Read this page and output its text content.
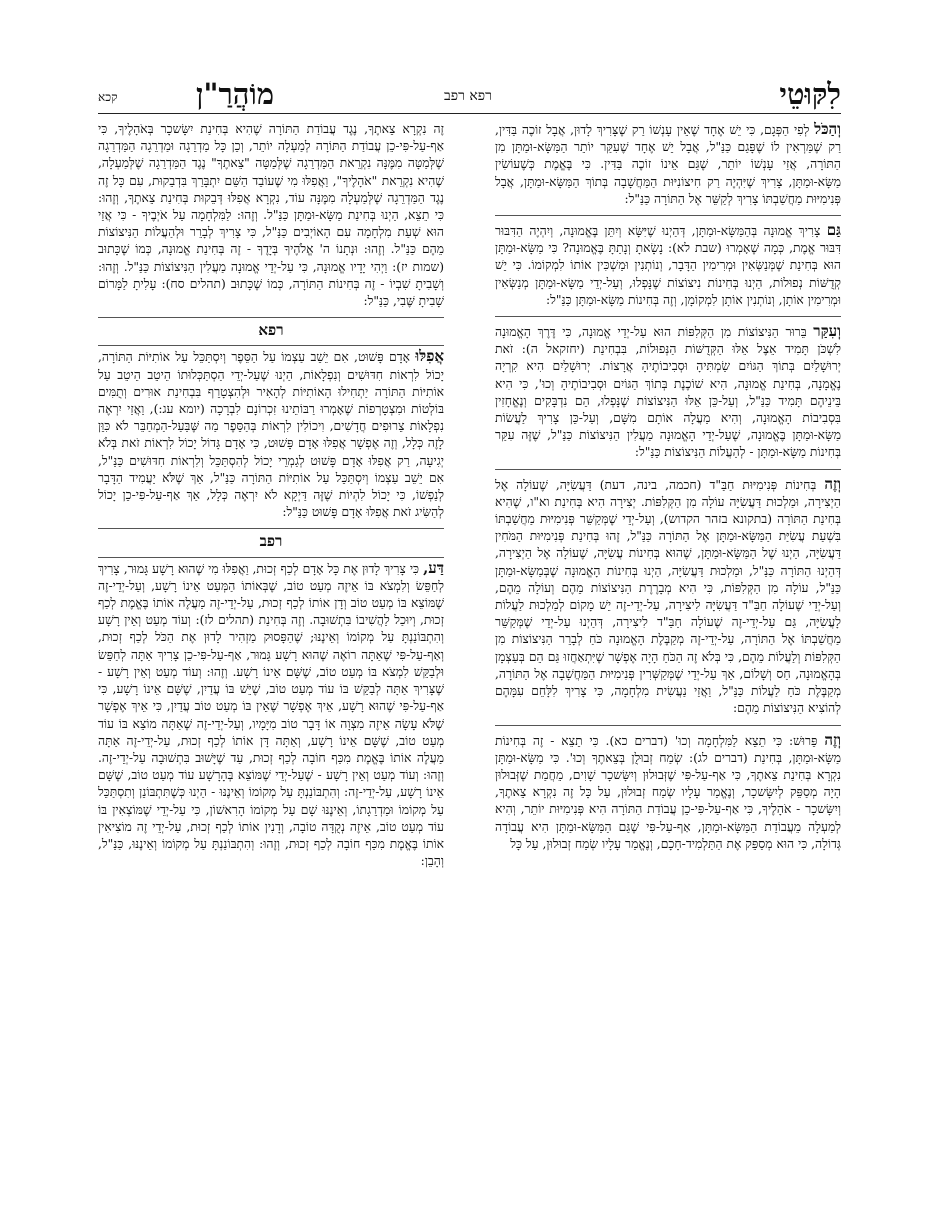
קכא	מוֹהֲרַ"ן	רפא רפב	לִקּוּטֵי

וְהַכֹּל לְפִי הַפְּגָם, כִּי יֵשׁ אֶחָד שֶׁאֵין עָנְשׁוֹ רַק שֶׁצָּרִיךְ לָדוּן, אֲבָל זוֹכֶה בַּדִּין, רַק שֶׁמַּרְאִין לוֹ שֶׁפָּגַם כַּנַּ"ל, אֲבָל יֵשׁ אֶחָד שֶׁעִקַּר יוֹתֵר הַמַּשָּׂא-וּמַתָּן מִן הַתּוֹרָה, אֲזַי עָנְשׁוֹ יוֹתֵר, שֶׁגַּם אֵינוֹ זוֹכֶה בַּדִּין. כִּי בֶּאֱמֶת כְּשֶׁעוֹשִׂין מַשָּׂא-וּמַתָּן, צָרִיךְ שֶׁיִּהְיֶה רַק חִיצוֹנִיּוּת הַמַּחֲשָׁבָה בְּתוֹךְ הַמַּשָּׂא-וּמַתָּן, אֲבָל פְּנִימִיּוּת מַחֲשַׁבְתּוֹ צָרִיךְ לְקַשֵּׁר אֶל הַתּוֹרָה כַּנַּ"ל:

גַּם צָרִיךְ אֱמוּנָה בְּהַמַּשָּׂא-וּמַתָּן, דְּהַיְנוּ שֶׁיִּשָּׂא וְיִתֵּן בֶּאֱמוּנָה, וְיִהְיֶה הַדִּבּוּר דִּבּוּר אֱמֶת, כְּמָה שֶׁאָמְרוּ (שבת לא): נָשָׂאתָ וְנָתַתָּ בֶּאֱמוּנָה? כִּי מַשָּׂא-וּמַתָּן הוּא בְּחִינַת שֶׁמְּנַשְּׂאִין וּמְרִימִין הַדָּבָר, וְנוֹתְנִין וּמַשְׁכִּין אוֹתוֹ לִמְקוֹמוֹ. כִּי יֵשׁ קְדֻשּׁוֹת נְפוּלוֹת, הַיְנוּ בְּחִינוֹת נִיצוֹצוֹת שֶׁנָּפְלוּ, וְעַל-יְדֵי מַשָּׂא-וּמַתָּן מְנַשְּׂאִין וּמְרִימִין אוֹתָן, וְנוֹתְנִין אוֹתָן לִמְקוֹמָן, וְזֶה בְּחִינוֹת מַשָּׂא-וּמַתָּן כַּנַּ"ל:

וְעִקַּר בֵּרוּר הַנִּיצוֹצוֹת מִן הַקְּלִפּוֹת הוּא עַל-יְדֵי אֱמוּנָה, כִּי דֶּרֶךְ הָאֱמוּנָה לִשְׁכֹּן תָּמִיד אֵצֶל אֵלּוּ הַקְּדֻשּׁוֹת הַנְּפוּלוֹת, בִּבְחִינַת (יחזקאל ה): זֹאת יְרוּשָׁלַיִם בְּתוֹךְ הַגּוֹיִם שַׂמְתִּיהָ וּסְבִיבוֹתֶיהָ אֲרָצוֹת. יְרוּשָׁלַיִם הִיא קִרְיָה נֶאֱמָנָה, בְּחִינַת אֱמוּנָה, הִיא שׁוֹכֶנֶת בְּתוֹךְ הַגּוֹיִם וּסְבִיבוֹתֶיהָ וְכוּ', כִּי הִיא בֵּינֵיהֶם תָּמִיד כַּנַּ"ל, וְעַל-כֵּן אֵלּוּ הַנִּיצוֹצוֹת שֶׁנָּפְלוּ, הֵם נִדְבָּקִים וְנֶאֱחָזִין בִּסְבִיבוֹת הָאֱמוּנָה, וְהִיא מַעֲלָה אוֹתָם מִשָּׁם, וְעַל-כֵּן צָרִיךְ לַעֲשׂוֹת מַשָּׂא-וּמַתָּן בֶּאֱמוּנָה, שֶׁעַל-יְדֵי הָאֱמוּנָה מַעֲלִין הַנִּיצוֹצוֹת כַּנַּ"ל, שֶׁזֶּה עִקַּר בְּחִינוֹת מַשָּׂא-וּמַתָּן - לְהַעֲלוֹת הַנִּיצוֹצוֹת כַּנַּ"ל:

וְזֶה בְּחִינוֹת פְּנִימִיּוּת חַבַּ"ד (חכמה, בינה, דעת) דַּעֲשִׂיָּה, שֶׁעוֹלָה אֶל הַיְצִירָה, וּמַלְכוּת דַּעֲשִׂיָּה עוֹלָה מִן הַקְּלִפּוֹת. יְצִירָה הִיא בְּחִינַת וא"ו, שֶׁהִיא בְּחִינַת הַתּוֹרָה (בתקונא בזהר הקדוש), וְעַל-יְדֵי שֶׁמְּקַשֵּׁר פְּנִימִיּוּת מַחֲשַׁבְתּוֹ בִּשְׁעַת עֲשִׂיַּת הַמַּשָּׂא-וּמַתָּן אֶל הַתּוֹרָה כַּנַּ"ל, זֶהוּ בְּחִינַת פְּנִימִיּוּת הַמֹּחִין דַּעֲשִׂיָּה, הַיְנוּ שֶׁל הַמַּשָּׂא-וּמַתָּן, שֶׁהוּא בְּחִינוֹת עֲשִׂיָּה, שֶׁעוֹלָה אֶל הַיְצִירָה, דְּהַיְנוּ הַתּוֹרָה כַּנַּ"ל, וּמַלְכוּת דַּעֲשִׂיָּה, הַיְנוּ בְּחִינוֹת הָאֱמוּנָה שֶׁבְּמַשָּׂא-וּמַתָּן כַּנַּ"ל, עוֹלָה מִן הַקְּלִפּוֹת, כִּי הִיא מְבָרֶרֶת הַנִּיצוֹצוֹת מֵהֶם וְעוֹלָה מֵהֶם, וְעַל-יְדֵי שֶׁעוֹלָה חַבַּ"ד דַּעֲשִׂיָּה לִיצִירָה, עַל-יְדֵי-זֶה יֵשׁ מָקוֹם לְמַלְכוּת לַעֲלוֹת לָעֲשִׂיָּה, גַּם עַל-יְדֵי-זֶה שֶׁעוֹלָה חַבַּ"ד לִיצִירָה, דְּהַיְנוּ עַל-יְדֵי שֶׁמְּקַשֵּׁר מַחֲשַׁבְתּוֹ אֶל הַתּוֹרָה, עַל-יְדֵי-זֶה מְקַבֶּלֶת הָאֱמוּנָה כֹּחַ לְבָרֵר הַנִּיצוֹצוֹת מִן הַקְּלִפּוֹת וְלַעֲלוֹת מֵהֶם, כִּי בְּלֹא זֶה הַכֹּחַ הָיָה אֶפְשָׁר שֶׁיִּתְאַחֲזוּ גַּם הֵם בְּעַצְמָן בְּהָאֱמוּנָה, חַס וְשָׁלוֹם, אַךְ עַל-יְדֵי שֶׁמְּקַשְּׁרִין פְּנִימִיּוּת הַמַּחֲשָׁבָה אֶל הַתּוֹרָה, מְקַבֶּלֶת כֹּחַ לַעֲלוֹת כַּנַּ"ל, וַאֲזַי נַעֲשִׂית מִלְחָמָה, כִּי צָרִיךְ לִלָּחֵם עִמָּהֶם לְהוֹצִיא הַנִּיצוֹצוֹת מֵהֶם:

וְזֶה פֵּרוּשׁ: כִּי תֵצֵא לַמִּלְחָמָה וְכוּ' (דברים כא). כִּי תֵצֵא - זֶה בְּחִינוֹת מַשָּׂא-וּמַתָּן, בְּחִינַת (דברים לג): שְׂמַח זְבוּלֻן בְּצֵאתֶךָ וְכוּ'. כִּי מַשָּׂא-וּמַתָּן נִקְרָא בְּחִינַת צֵאתֶךָ, כִּי אַף-עַל-פִּי שֶׁזְּבוּלוּן וְיִשָּׂשכָר שָׁוִים, מֵחֲמַת שֶׁזְּבוּלוּן הָיָה מְסַפֵּק לְיִשָּׂשכָר, וְנֶאֱמַר עָלָיו שְׂמַח זְבוּלוּן, עַל כָּל זֶה נִקְרָא צֵאתֶךָ, וְיִשָּׂשכָר - אֹהָלֶיךָ, כִּי אַף-עַל-פִּי-כֵן עֲבוֹדַת הַתּוֹרָה הִיא פְּנִימִיּוּת יוֹתֵר, וְהִיא לְמַעְלָה מֵעֲבוֹדַת הַמַּשָּׂא-וּמַתָּן, אַף-עַל-פִּי שֶׁגַּם הַמַּשָּׂא-וּמַתָּן הִיא עֲבוֹדָה גְּדוֹלָה, כִּי הוּא מְסַפֵּק אֶת הַתַּלְמִיד-חָכָם, וְנֶאֱמַר עָלָיו שְׂמַח זְבוּלוּן, עַל כָּל

זֶה נִקְרָא צֵאתֶךָ, נֶגֶד עֲבוֹדַת הַתּוֹרָה שֶׁהִיא בְּחִינַת יִשָּׂשכָר בְּאֹהָלֶיךָ, כִּי אַף-עַל-פִּי-כֵן עֲבוֹדַת הַתּוֹרָה לְמַעְלָה יוֹתֵר, וְכֵן כָּל מַדְרֵגָה וּמַדְרֵגָה הַמַּדְרֵגָה שֶׁלְּמַטָּה מִמֶּנָּה נִקְרֵאת הַמַּדְרֵגָה שֶׁלְּמַטָּה "צֵאתֶךָ" נֶגֶד הַמַּדְרֵגָה שֶׁלְּמַעְלָה, שֶׁהִיא נִקְרֵאת "אֹהָלֶיךָ", וַאֲפִלּוּ מִי שֶׁעוֹבֵד הַשֵּׁם יִתְבָּרַךְ בִּדְבֵקוּת, עִם כָּל זֶה נֶגֶד הַמַּדְרֵגָה שֶׁלְּמַעְלָה מִמֶּנָּה עוֹד, נִקְרָא אֲפִלּוּ דְּבֵקוּת בְּחִינַת צֵאתֶךָ, וְזֶהוּ: כִּי תֵצֵא, הַיְנוּ בְּחִינַת מַשָּׂא-וּמַתָּן כַּנַּ"ל. וְזֶהוּ: לַמִּלְחָמָה עַל אֹיְבֶיךָ - כִּי אֲזַי הוּא שְׁעַת מִלְחָמָה עִם הָאוֹיְבִים כַּנַּ"ל, כִּי צָרִיךְ לְבָרֵר וּלְהַעֲלוֹת הַנִּיצוֹצוֹת מֵהֶם כַּנַּ"ל. וְזֶהוּ: וּנְתָנוֹ ה' אֱלֹהֶיךָ בְּיָדֶךָ - זֶה בְּחִינַת אֱמוּנָה, כְּמוֹ שֶׁכָּתוּב (שמות יז): וַיְהִי יָדָיו אֱמוּנָה, כִּי עַל-יְדֵי אֱמוּנָה מַעֲלִין הַנִּיצוֹצוֹת כַּנַּ"ל. וְזֶהוּ: וְשָׁבִיתָ שִׁבְיוֹ - זֶה בְּחִינוֹת הַתּוֹרָה, כְּמוֹ שֶׁכָּתוּב (תהלים סח): עָלִיתָ לַמָּרוֹם שָׁבִיתָ שֶּׁבִי, כַּנַּ"ל:

רפא

אֲפִלּוּ אָדָם פָּשׁוּט, אִם יֵשֵׁב עַצְמוֹ עַל הַסֵּפֶר וְיִסְתַּכֵּל עַל אוֹתִיּוֹת הַתּוֹרָה, יָכוֹל לִרְאוֹת חִדּוּשִׁים וְנִפְלָאוֹת, הַיְנוּ שֶׁעַל-יְדֵי הַסְתַּכְּלוּתוֹ הֵיטֵב הֵיטֵב עַל אוֹתִיּוֹת הַתּוֹרָה יַתְחִילוּ הָאוֹתִיּוֹת לְהָאִיר וּלְהִצְטָרֵף בִּבְחִינַת אוּרִים וְתֻמִּים בּוֹלְטוֹת וּמִצְטָרְפוֹת שֶׁאָמְרוּ רַבּוֹתֵינוּ זִכְרוֹנָם לִבְרָכָה (יומא עג:), וַאֲזַי יִרְאֶה נִפְלָאוֹת צֵרוּפִים חֲדָשִׁים, וִיכוֹלִין לִרְאוֹת בְּהַסֵּפֶר מַה שֶּׁבַּעַל-הַמְחַבֵּר לֹא כִּוֵּן לָזֶה כְּלָל, וְזֶה אֶפְשָׁר אֲפִלּוּ אָדָם פָּשׁוּט, כִּי אָדָם גָּדוֹל יָכוֹל לִרְאוֹת זֹאת בְּלֹא יְגִיעָה, רַק אֲפִלּוּ אָדָם פָּשׁוּט לְגַמְרֵי יָכוֹל לְהִסְתַּכֵּל וְלִרְאוֹת חִדּוּשִׁים כַּנַּ"ל, אִם יֵשֵׁב עַצְמוֹ וְיִסְתַּכֵּל עַל אוֹתִיּוֹת הַתּוֹרָה כַּנַּ"ל, אַךְ שֶׁלֹּא יַעֲמִיד הַדָּבָר לְנַפְשׁוֹ, כִּי יָכוֹל לִהְיוֹת שֶׁזֶּה דַּיְקָא לֹא יִרְאֶה כְּלָל, אַךְ אַף-עַל-פִּי-כֵן יָכוֹל לְהַשִּׂיג זֹאת אֲפִלּוּ אָדָם פָּשׁוּט כַּנַּ"ל:

רפב

דַּע, כִּי צָרִיךְ לָדוּן אֶת כָּל אָדָם לְכַף זְכוּת, וַאֲפִלּוּ מִי שֶׁהוּא רָשָׁע גָּמוּר, צָרִיךְ לְחַפֵּשׂ וְלִמְצֹא בּוֹ אֵיזֶה מְעַט טוֹב, שֶׁבְּאוֹתוֹ הַמְּעַט אֵינוֹ רָשָׁע, וְעַל-יְדֵי-זֶה שֶׁמּוֹצֵא בּוֹ מְעַט טוֹב וְדָן אוֹתוֹ לְכַף זְכוּת, עַל-יְדֵי-זֶה מַעֲלֶה אוֹתוֹ בֶּאֱמֶת לְכַף זְכוּת, וְיוּכַל לַהֲשִׁיבוֹ בִּתְשׁוּבָה. וְזֶה בְּחִינַת (תהלים לז): וְעוֹד מְעַט וְאֵין רָשָׁע וְהִתְבּוֹנַנְתָּ עַל מְקוֹמוֹ וְאֵינֶנּוּ; שֶׁהַפָּסוּק מַזְהִיר לָדוּן אֶת הַכֹּל לְכַף זְכוּת, וְאַף-עַל-פִּי שֶׁאַתָּה רוֹאֶה שֶׁהוּא רָשָׁע גָּמוּר, אַף-עַל-פִּי-כֵן צָרִיךְ אַתָּה לְחַפֵּשׂ וּלְבַקֵּשׁ לִמְצֹא בּוֹ מְעַט טוֹב, שֶׁשָּׁם אֵינוֹ רָשָׁע. וְזֶהוּ: וְעוֹד מְעַט וְאֵין רָשָׁע - שֶׁצָּרִיךְ אַתָּה לְבַקֵּשׁ בּוֹ עוֹד מְעַט טוֹב, שֶׁיֵּשׁ בּוֹ עֲדַיִן, שֶׁשָּׁם אֵינוֹ רָשָׁע, כִּי אַף-עַל-פִּי שֶׁהוּא רָשָׁע, אֵיךְ אֶפְשָׁר שֶׁאֵין בּוֹ מְעַט טוֹב עֲדַיִן, כִּי אֵיךְ אֶפְשָׁר שֶׁלֹּא עָשָׂה אֵיזֶה מִצְוָה אוֹ דָּבָר טוֹב מִיָּמָיו, וְעַל-יְדֵי-זֶה שֶׁאַתָּה מוֹצֵא בּוֹ עוֹד מְעַט טוֹב, שֶׁשָּׁם אֵינוֹ רָשָׁע, וְאַתָּה דָּן אוֹתוֹ לְכַף זְכוּת, עַל-יְדֵי-זֶה אַתָּה מַעֲלֶה אוֹתוֹ בֶּאֱמֶת מִכַּף חוֹבָה לְכַף זְכוּת, עַד שֶׁיָּשׁוּב בִּתְשׁוּבָה עַל-יְדֵי-זֶה. וְזֶהוּ: וְעוֹד מְעַט וְאֵין רָשָׁע - שֶׁעַל-יְדֵי שֶׁמּוֹצֵא בְּהָרָשָׁע עוֹד מְעַט טוֹב, שֶׁשָּׁם אֵינוֹ רָשָׁע, עַל-יְדֵי-זֶה: וְהִתְבּוֹנַנְתָּ עַל מְקוֹמוֹ וְאֵינֶנּוּ - הַיְנוּ כְּשֶׁתִּתְבּוֹנֵן וְתִסְתַּכֵּל עַל מְקוֹמוֹ וּמַדְרֵגָתוֹ, וְאֵינֶנּוּ שָׁם עַל מְקוֹמוֹ הָרִאשׁוֹן, כִּי עַל-יְדֵי שֶׁמּוֹצְאִין בּוֹ עוֹד מְעַט טוֹב, אֵיזֶה נְקֻדָּה טוֹבָה, וְדָנִין אוֹתוֹ לְכַף זְכוּת, עַל-יְדֵי זֶה מוֹצִיאִין אוֹתוֹ בֶּאֱמֶת מִכַּף חוֹבָה לְכַף זְכוּת, וְזֶהוּ: וְהִתְבּוֹנַנְתָּ עַל מְקוֹמוֹ וְאֵינֶנּוּ, כַּנַּ"ל, וְהָבֵן:
